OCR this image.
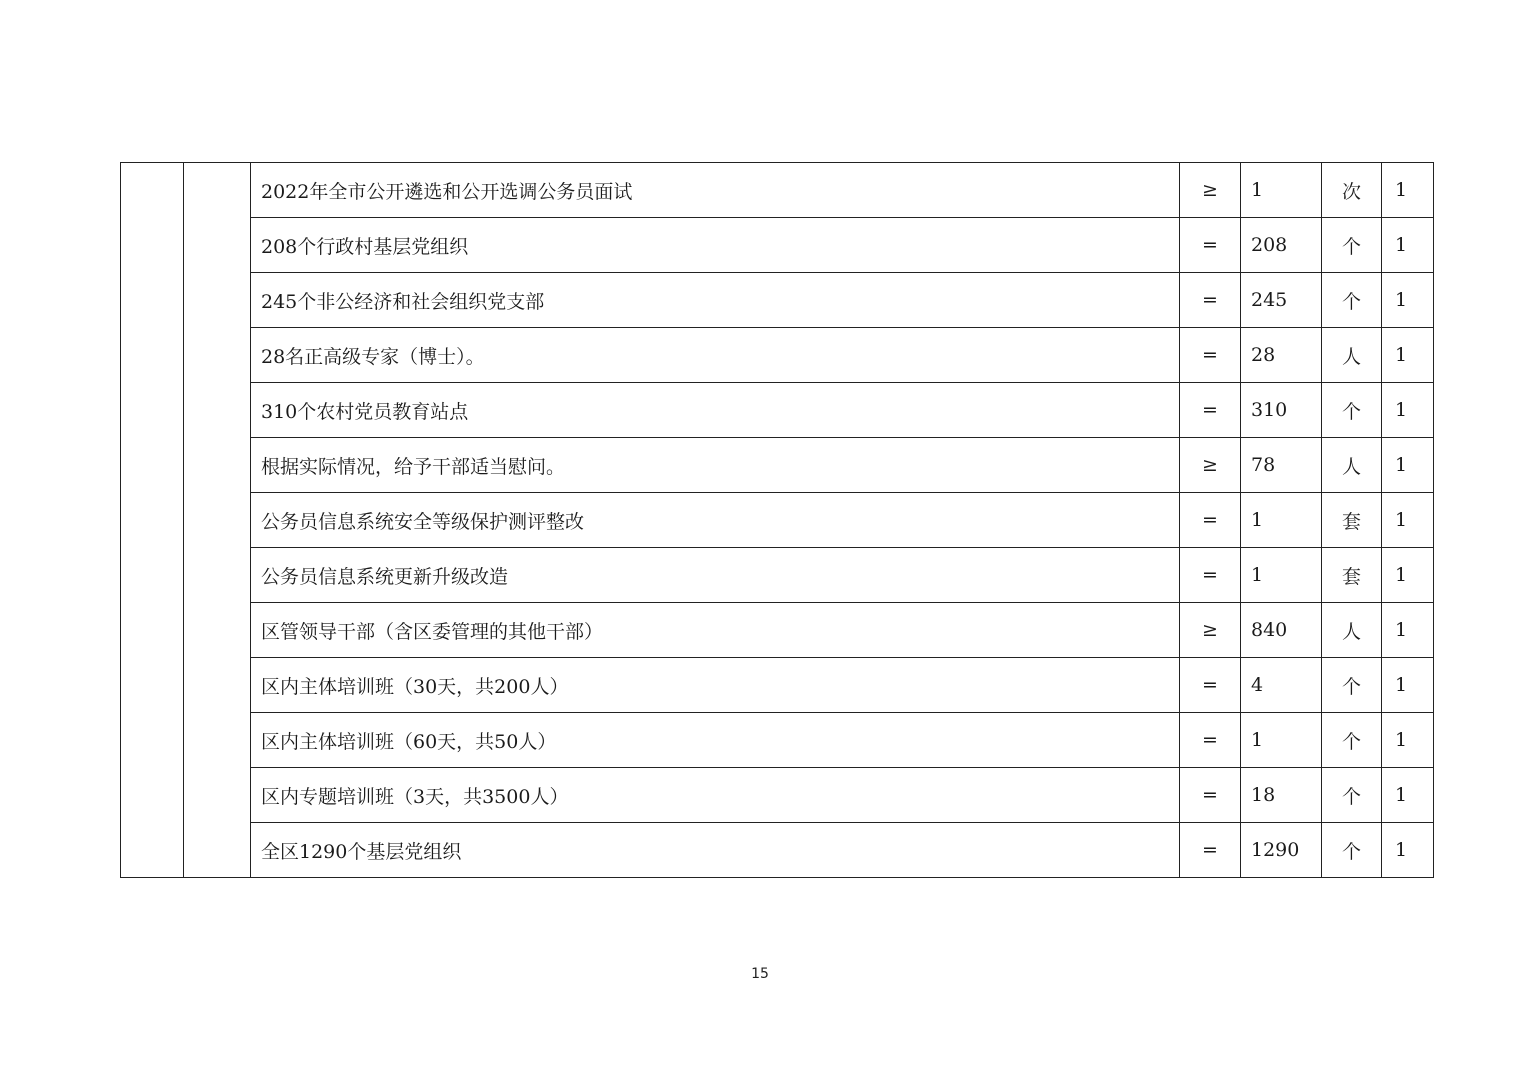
		2022年全市公开遴选和公开选调公务员面试	≥	1	次	1
		208个行政村基层党组织	=	208	个	1
		245个非公经济和社会组织党支部	=	245	个	1
		28名正高级专家（博士）。	=	28	人	1
		310个农村党员教育站点	=	310	个	1
		根据实际情况，给予干部适当慰问。	≥	78	人	1
		公务员信息系统安全等级保护测评整改	=	1	套	1
		公务员信息系统更新升级改造	=	1	套	1
		区管领导干部（含区委管理的其他干部）	≥	840	人	1
		区内主体培训班（30天，共200人）	=	4	个	1
		区内主体培训班（60天，共50人）	=	1	个	1
		区内专题培训班（3天，共3500人）	=	18	个	1
		全区1290个基层党组织	=	1290	个	1
15
